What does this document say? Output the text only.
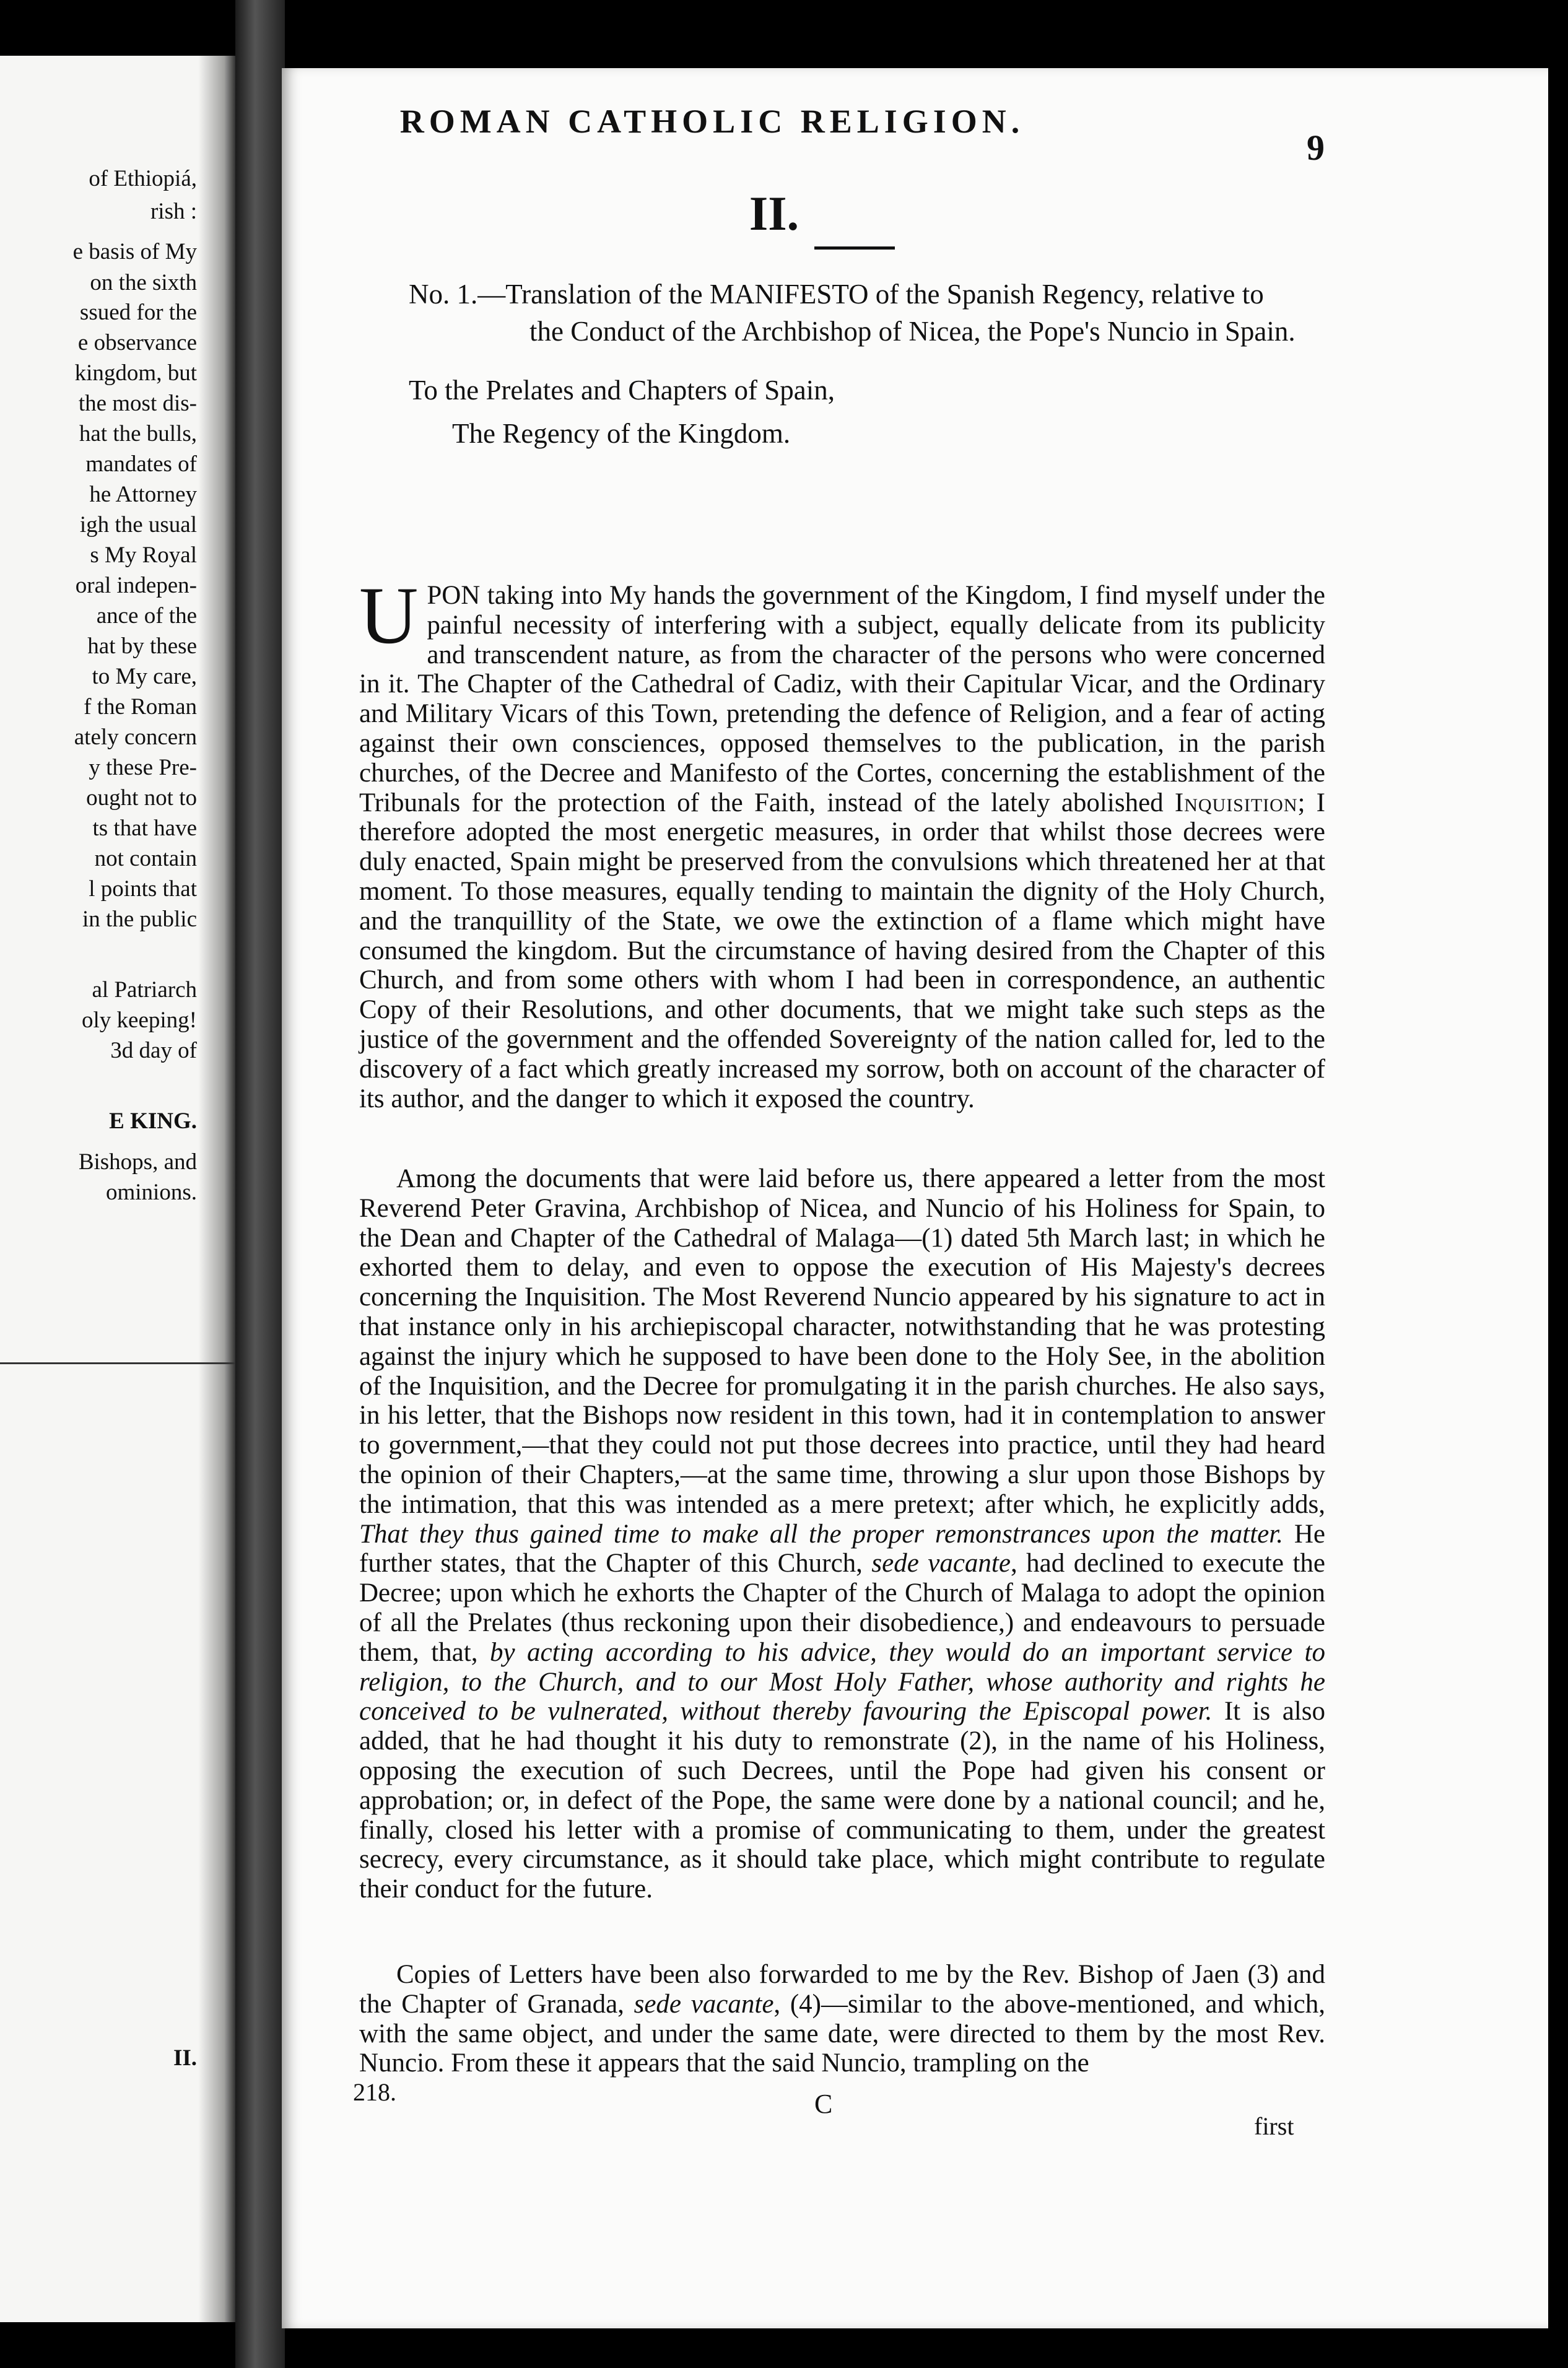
of Ethiopiá,
rish :
e basis of My
on the sixth
ssued for the
e observance
kingdom, but
the most dis-
hat the bulls,
mandates of
he Attorney
igh the usual
s My Royal
oral indepen-
ance of the
hat by these
to My care,
f the Roman
ately concern
y these Pre-
ought not to
ts that have
not contain
l points that
in the public
al Patriarch
oly keeping!
3d day of
E KING.
Bishops, and
ominions.
II.
ROMAN CATHOLIC RELIGION.
9
II.
No. 1.—Translation of the MANIFESTO of the Spanish Regency, relative to
the Conduct of the Archbishop of Nicea, the Pope's Nuncio in Spain.
To the Prelates and Chapters of Spain,
The Regency of the Kingdom.

UPON taking into My hands the government of the Kingdom, I find myself under the painful necessity of interfering with a subject, equally delicate from its publicity and transcendent nature, as from the character of the persons who were concerned in it. The Chapter of the Cathedral of Cadiz, with their Capitular Vicar, and the Ordinary and Military Vicars of this Town, pretending the defence of Religion, and a fear of acting against their own consciences, opposed themselves to the publication, in the parish churches, of the Decree and Manifesto of the Cortes, concerning the establishment of the Tribunals for the protection of the Faith, instead of the lately abolished Inquisition; I therefore adopted the most energetic measures, in order that whilst those decrees were duly enacted, Spain might be preserved from the convulsions which threatened her at that moment. To those measures, equally tending to maintain the dignity of the Holy Church, and the tranquillity of the State, we owe the extinction of a flame which might have consumed the kingdom. But the circumstance of having desired from the Chapter of this Church, and from some others with whom I had been in correspondence, an authentic Copy of their Resolutions, and other documents, that we might take such steps as the justice of the government and the offended Sovereignty of the nation called for, led to the discovery of a fact which greatly increased my sorrow, both on account of the character of its author, and the danger to which it exposed the country.

Among the documents that were laid before us, there appeared a letter from the most Reverend Peter Gravina, Archbishop of Nicea, and Nuncio of his Holiness for Spain, to the Dean and Chapter of the Cathedral of Malaga—(1) dated 5th March last; in which he exhorted them to delay, and even to oppose the execution of His Majesty's decrees concerning the Inquisition. The Most Reverend Nuncio appeared by his signature to act in that instance only in his archiepiscopal character, notwithstanding that he was protesting against the injury which he supposed to have been done to the Holy See, in the abolition of the Inquisition, and the Decree for promulgating it in the parish churches. He also says, in his letter, that the Bishops now resident in this town, had it in contemplation to answer to government,—that they could not put those decrees into practice, until they had heard the opinion of their Chapters,—at the same time, throwing a slur upon those Bishops by the intimation, that this was intended as a mere pretext; after which, he explicitly adds, That they thus gained time to make all the proper remonstrances upon the matter. He further states, that the Chapter of this Church, sede vacante, had declined to execute the Decree; upon which he exhorts the Chapter of the Church of Malaga to adopt the opinion of all the Prelates (thus reckoning upon their disobedience,) and endeavours to persuade them, that, by acting according to his advice, they would do an important service to religion, to the Church, and to our Most Holy Father, whose authority and rights he conceived to be vulnerated, without thereby favouring the Episcopal power. It is also added, that he had thought it his duty to remonstrate (2), in the name of his Holiness, opposing the execution of such Decrees, until the Pope had given his consent or approbation; or, in defect of the Pope, the same were done by a national council; and he, finally, closed his letter with a promise of communicating to them, under the greatest secrecy, every circumstance, as it should take place, which might contribute to regulate their conduct for the future.

Copies of Letters have been also forwarded to me by the Rev. Bishop of Jaen (3) and the Chapter of Granada, sede vacante, (4)—similar to the above-mentioned, and which, with the same object, and under the same date, were directed to them by the most Rev. Nuncio. From these it appears that the said Nuncio, trampling on the

218.	C
first
